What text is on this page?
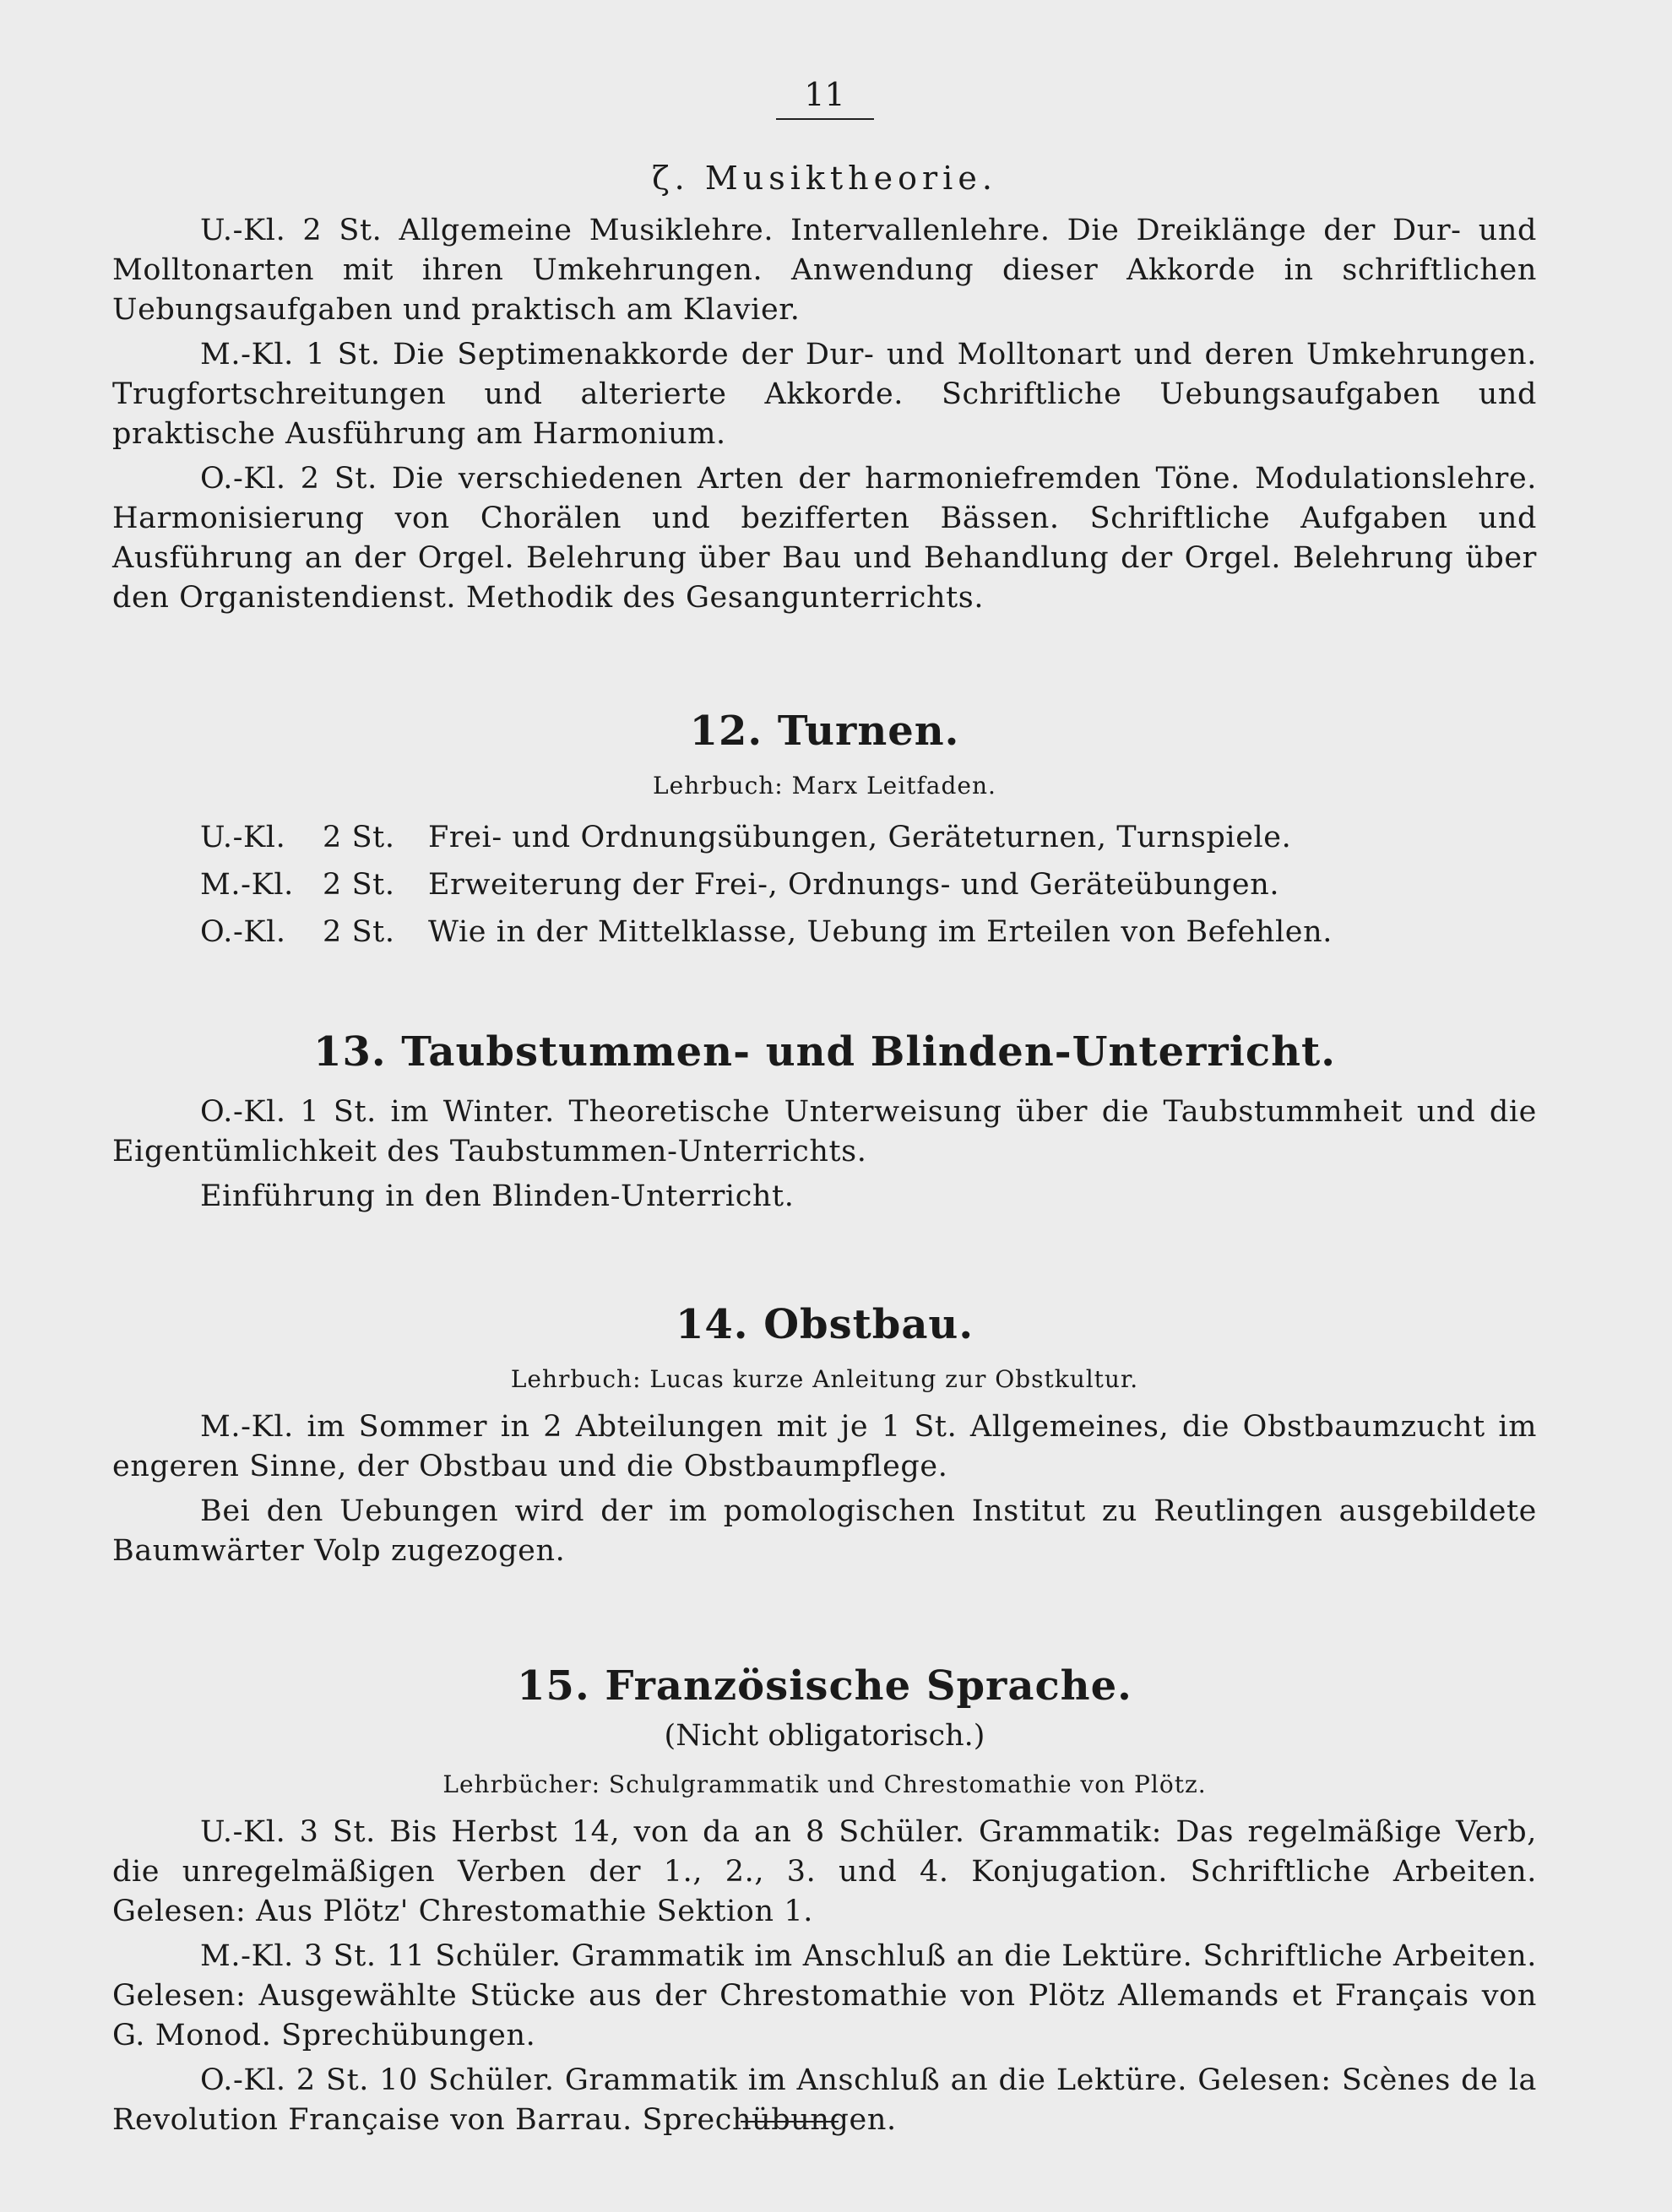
11
ζ. Musiktheorie.

U.-Kl. 2 St. Allgemeine Musiklehre. Intervallenlehre. Die Dreiklänge der Dur- und Molltonarten mit ihren Umkehrungen. Anwendung dieser Akkorde in schriftlichen Uebungsaufgaben und praktisch am Klavier.

M.-Kl. 1 St. Die Septimenakkorde der Dur- und Molltonart und deren Umkehrungen. Trugfortschreitungen und alterierte Akkorde. Schriftliche Uebungsaufgaben und praktische Ausführung am Harmonium.

O.-Kl. 2 St. Die verschiedenen Arten der harmoniefremden Töne. Modulationslehre. Harmonisierung von Chorälen und bezifferten Bässen. Schriftliche Aufgaben und Ausführung an der Orgel. Belehrung über Bau und Behandlung der Orgel. Belehrung über den Organistendienst. Methodik des Gesangunterrichts.

12. Turnen.
Lehrbuch: Marx Leitfaden.
U.-Kl.	2 St.	Frei- und Ordnungsübungen, Geräteturnen, Turnspiele.
M.-Kl. 2 St.	Erweiterung der Frei-, Ordnungs- und Geräteübungen.
O.-Kl.	2 St.	Wie in der Mittelklasse, Uebung im Erteilen von Befehlen.
13. Taubstummen- und Blinden-Unterricht.

O.-Kl. 1 St. im Winter. Theoretische Unterweisung über die Taubstummheit und die Eigentümlichkeit des Taubstummen-Unterrichts.

Einführung in den Blinden-Unterricht.

14. Obstbau.
Lehrbuch: Lucas kurze Anleitung zur Obstkultur.

M.-Kl. im Sommer in 2 Abteilungen mit je 1 St. Allgemeines, die Obstbaumzucht im engeren Sinne, der Obstbau und die Obstbaumpflege.

Bei den Uebungen wird der im pomologischen Institut zu Reutlingen ausgebildete Baumwärter Volp zugezogen.

15. Französische Sprache.
(Nicht obligatorisch.)
Lehrbücher: Schulgrammatik und Chrestomathie von Plötz.

U.-Kl. 3 St. Bis Herbst 14, von da an 8 Schüler. Grammatik: Das regelmäßige Verb, die unregelmäßigen Verben der 1., 2., 3. und 4. Konjugation. Schriftliche Arbeiten. Gelesen: Aus Plötz' Chrestomathie Sektion 1.

M.-Kl. 3 St. 11 Schüler. Grammatik im Anschluß an die Lektüre. Schriftliche Arbeiten. Gelesen: Ausgewählte Stücke aus der Chrestomathie von Plötz Allemands et Français von G. Monod. Sprechübungen.

O.-Kl. 2 St. 10 Schüler. Grammatik im Anschluß an die Lektüre. Gelesen: Scènes de la Revolution Française von Barrau. Sprechübungen.
